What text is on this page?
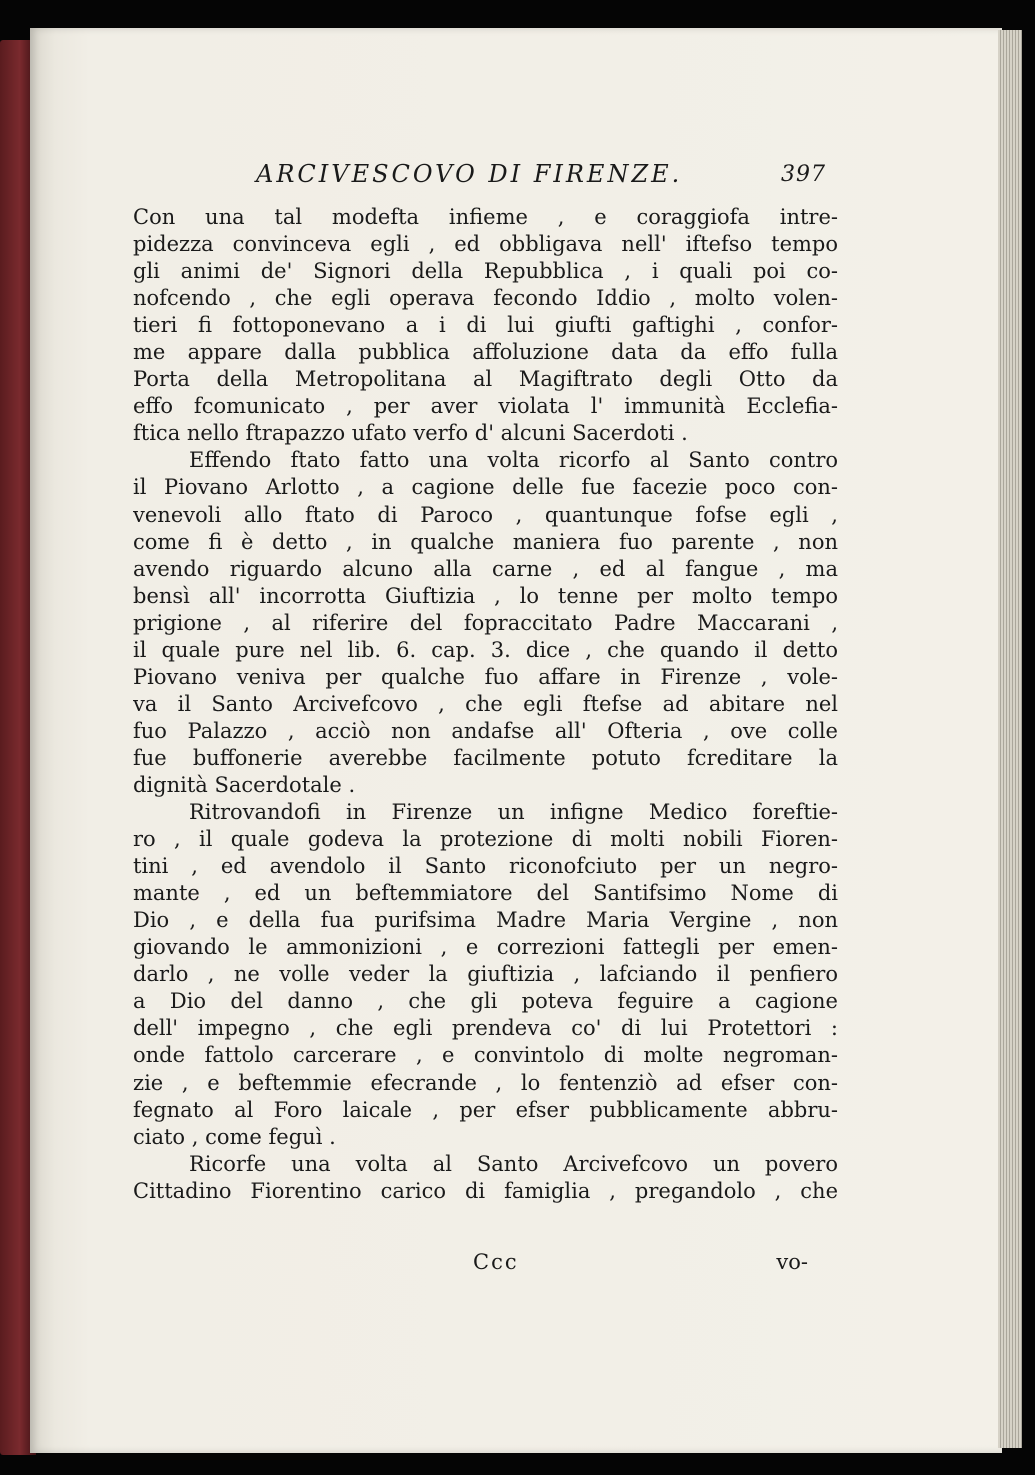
ARCIVESCOVO DI FIRENZE.	397
Con una tal modefta infieme , e coraggiofa intre-
pidezza convinceva egli , ed obbligava nell' iftefso tempo
gli animi de' Signori della Repubblica , i quali poi co-
nofcendo , che egli operava fecondo Iddio , molto volen-
tieri fi fottoponevano a i di lui giufti gaftighi , confor-
me appare dalla pubblica affoluzione data da effo fulla
Porta della Metropolitana al Magiftrato degli Otto da
effo fcomunicato , per aver violata l' immunità Ecclefia-
ftica nello ftrapazzo ufato verfo d' alcuni Sacerdoti .
Effendo ftato fatto una volta ricorfo al Santo contro
il Piovano Arlotto , a cagione delle fue facezie poco con-
venevoli allo ftato di Paroco , quantunque fofse egli ,
come fi è detto , in qualche maniera fuo parente , non
avendo riguardo alcuno alla carne , ed al fangue , ma
bensì all' incorrotta Giuftizia , lo tenne per molto tempo
prigione , al riferire del fopraccitato Padre Maccarani ,
il quale pure nel lib. 6. cap. 3. dice , che quando il detto
Piovano veniva per qualche fuo affare in Firenze , vole-
va il Santo Arcivefcovo , che egli ftefse ad abitare nel
fuo Palazzo , acciò non andafse all' Ofteria , ove colle
fue buffonerie averebbe facilmente potuto fcreditare la
dignità Sacerdotale .
Ritrovandofi in Firenze un infigne Medico foreftie-
ro , il quale godeva la protezione di molti nobili Fioren-
tini , ed avendolo il Santo riconofciuto per un negro-
mante , ed un beftemmiatore del Santifsimo Nome di
Dio , e della fua purifsima Madre Maria Vergine , non
giovando le ammonizioni , e correzioni fattegli per emen-
darlo , ne volle veder la giuftizia , lafciando il penfiero
a Dio del danno , che gli poteva feguire a cagione
dell' impegno , che egli prendeva co' di lui Protettori :
onde fattolo carcerare , e convintolo di molte negroman-
zie , e beftemmie efecrande , lo fentenziò ad efser con-
fegnato al Foro laicale , per efser pubblicamente abbru-
ciato , come feguì .
Ricorfe una volta al Santo Arcivefcovo un povero
Cittadino Fiorentino carico di famiglia , pregandolo , che
Ccc	vo-
